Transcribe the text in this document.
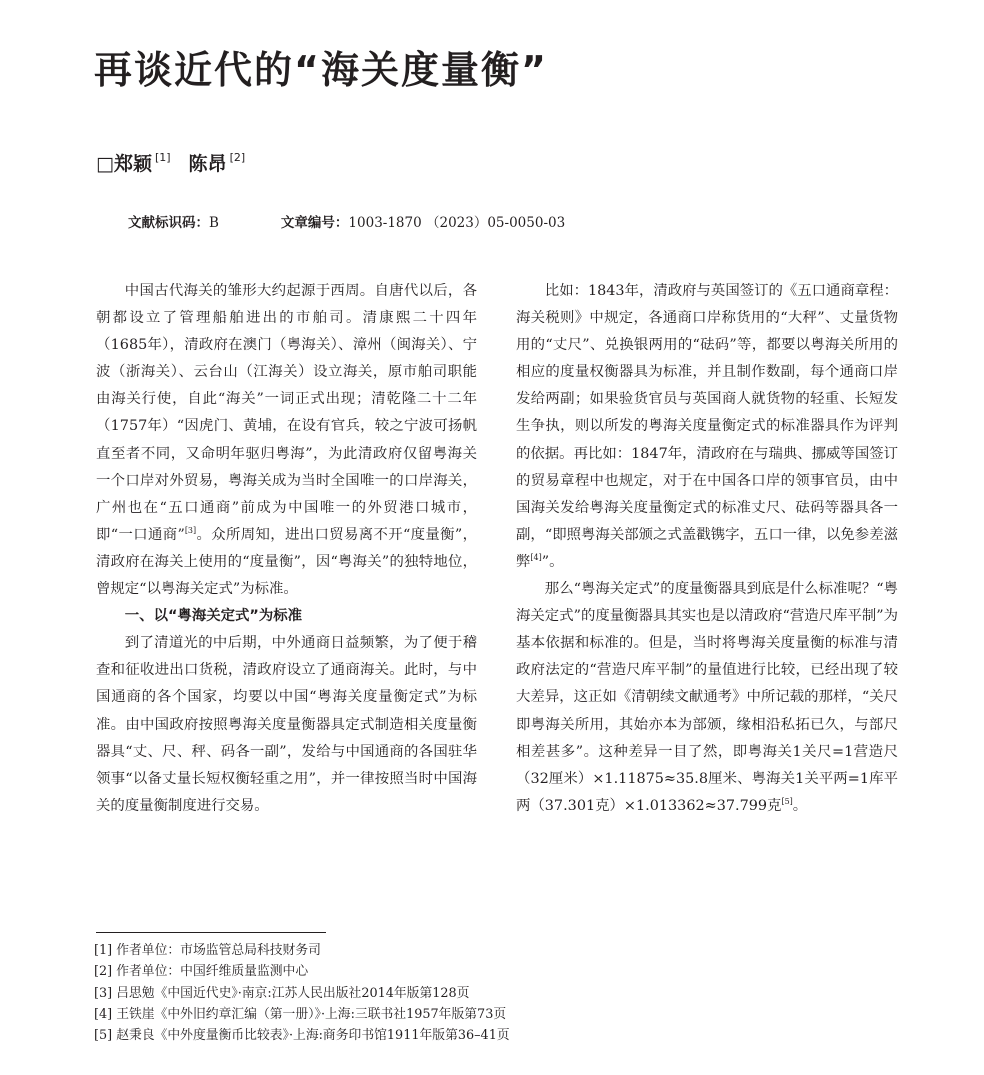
再谈近代的“海关度量衡”
□郑颖 [1] 陈昂 [2]
文献标识码：B	文章编号：1003-1870 （2023）05-0050-03

中国古代海关的雏形大约起源于西周。自唐代以后，各朝都设立了管理船舶进出的市舶司。清康熙二十四年（1685年），清政府在澳门（粤海关）、漳州（闽海关）、宁波（浙海关）、云台山（江海关）设立海关，原市舶司职能由海关行使，自此“海关”一词正式出现；清乾隆二十二年（1757年）“因虎门、黄埔，在设有官兵，较之宁波可扬帆直至者不同，又命明年驱归粤海”，为此清政府仅留粤海关一个口岸对外贸易，粤海关成为当时全国唯一的口岸海关，广州也在“五口通商”前成为中国唯一的外贸港口城市，即“一口通商”[3]。众所周知，进出口贸易离不开“度量衡”，清政府在海关上使用的“度量衡”，因“粤海关”的独特地位，曾规定“以粤海关定式”为标准。

一、以“粤海关定式”为标准

到了清道光的中后期，中外通商日益频繁，为了便于稽查和征收进出口货税，清政府设立了通商海关。此时，与中国通商的各个国家，均要以中国“粤海关度量衡定式”为标准。由中国政府按照粤海关度量衡器具定式制造相关度量衡器具“丈、尺、秤、码各一副”，发给与中国通商的各国驻华领事“以备丈量长短权衡轻重之用”，并一律按照当时中国海关的度量衡制度进行交易。

比如：1843年，清政府与英国签订的《五口通商章程：海关税则》中规定，各通商口岸称货用的“大秤”、丈量货物用的“丈尺”、兑换银两用的“砝码”等，都要以粤海关所用的相应的度量权衡器具为标准，并且制作数副，每个通商口岸发给两副；如果验货官员与英国商人就货物的轻重、长短发生争执，则以所发的粤海关度量衡定式的标准器具作为评判的依据。再比如：1847年，清政府在与瑞典、挪威等国签订的贸易章程中也规定，对于在中国各口岸的领事官员，由中国海关发给粤海关度量衡定式的标准丈尺、砝码等器具各一副，“即照粤海关部颁之式盖戳镌字，五口一律，以免参差滋弊[4]”。

那么“粤海关定式”的度量衡器具到底是什么标准呢？“粤海关定式”的度量衡器具其实也是以清政府“营造尺库平制”为基本依据和标准的。但是，当时将粤海关度量衡的标准与清政府法定的“营造尺库平制”的量值进行比较，已经出现了较大差异，这正如《清朝续文献通考》中所记载的那样，“关尺即粤海关所用，其始亦本为部颁，缘相沿私拓已久，与部尺相差甚多”。这种差异一目了然，即粤海关1关尺=1营造尺（32厘米）×1.11875≈35.8厘米、粤海关1关平两=1库平两（37.301克）×1.013362≈37.799克[5]。

[1] 作者单位：市场监管总局科技财务司
[2] 作者单位：中国纤维质量监测中心
[3] 吕思勉《中国近代史》·南京:江苏人民出版社2014年版第128页
[4] 王铁崖《中外旧约章汇编（第一册）》·上海:三联书社1957年版第73页
[5] 赵秉良《中外度量衡币比较表》·上海:商务印书馆1911年版第36–41页
